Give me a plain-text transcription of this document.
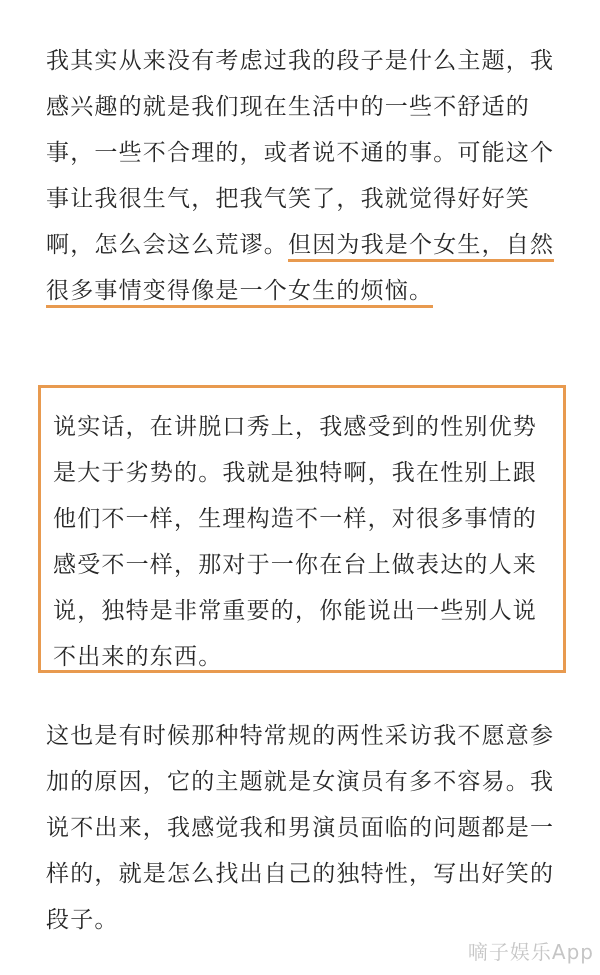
我其实从来没有考虑过我的段子是什么主题，我感兴趣的就是我们现在生活中的一些不舒适的事，一些不合理的，或者说不通的事。可能这个事让我很生气，把我气笑了，我就觉得好好笑啊，怎么会这么荒谬。但因为我是个女生，自然很多事情变得像是一个女生的烦恼。
说实话，在讲脱口秀上，我感受到的性别优势是大于劣势的。我就是独特啊，我在性别上跟他们不一样，生理构造不一样，对很多事情的感受不一样，那对于一你在台上做表达的人来说，独特是非常重要的，你能说出一些别人说不出来的东西。
这也是有时候那种特常规的两性采访我不愿意参加的原因，它的主题就是女演员有多不容易。我说不出来，我感觉我和男演员面临的问题都是一样的，就是怎么找出自己的独特性，写出好笑的段子。
嘀子娱乐App
